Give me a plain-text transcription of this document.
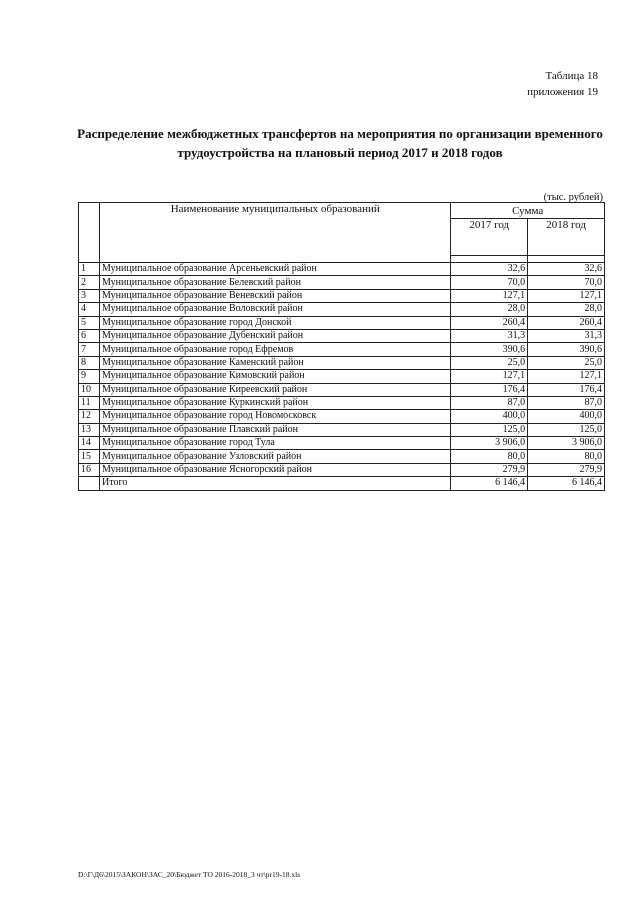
Таблица 18
приложения 19
Распределение межбюджетных трансфертов на мероприятия по организации временного
трудоустройства на плановый период 2017 и 2018 годов
(тыс. рублей)
	Наименование муниципальных образований	Сумма	
		2017 год	2018 год

1	Муниципальное образование Арсеньевский район	32,6	32,6
2	Муниципальное образование Белевский район	70,0	70,0
3	Муниципальное образование Веневский район	127,1	127,1
4	Муниципальное образование Воловский район	28,0	28,0
5	Муниципальное образование город Донской	260,4	260,4
6	Муниципальное образование Дубенский район	31,3	31,3
7	Муниципальное образование город Ефремов	390,6	390,6
8	Муниципальное образование Каменский район	25,0	25,0
9	Муниципальное образование Кимовский район	127,1	127,1
10	Муниципальное образование Киреевский район	176,4	176,4
11	Муниципальное образование Куркинский район	87,0	87,0
12	Муниципальное образование город Новомосковск	400,0	400,0
13	Муниципальное образование Плавский район	125,0	125,0
14	Муниципальное образование город Тула	3 906,0	3 906,0
15	Муниципальное образование Узловский район	80,0	80,0
16	Муниципальное образование Ясногорский район	279,9	279,9
	Итого	6 146,4	6 146,4
D:\Г\Д6\2015\ЗАКОН\ЗАС_20\Бюджет ТО 2016-2018_3 чт\рr19-18.xls
